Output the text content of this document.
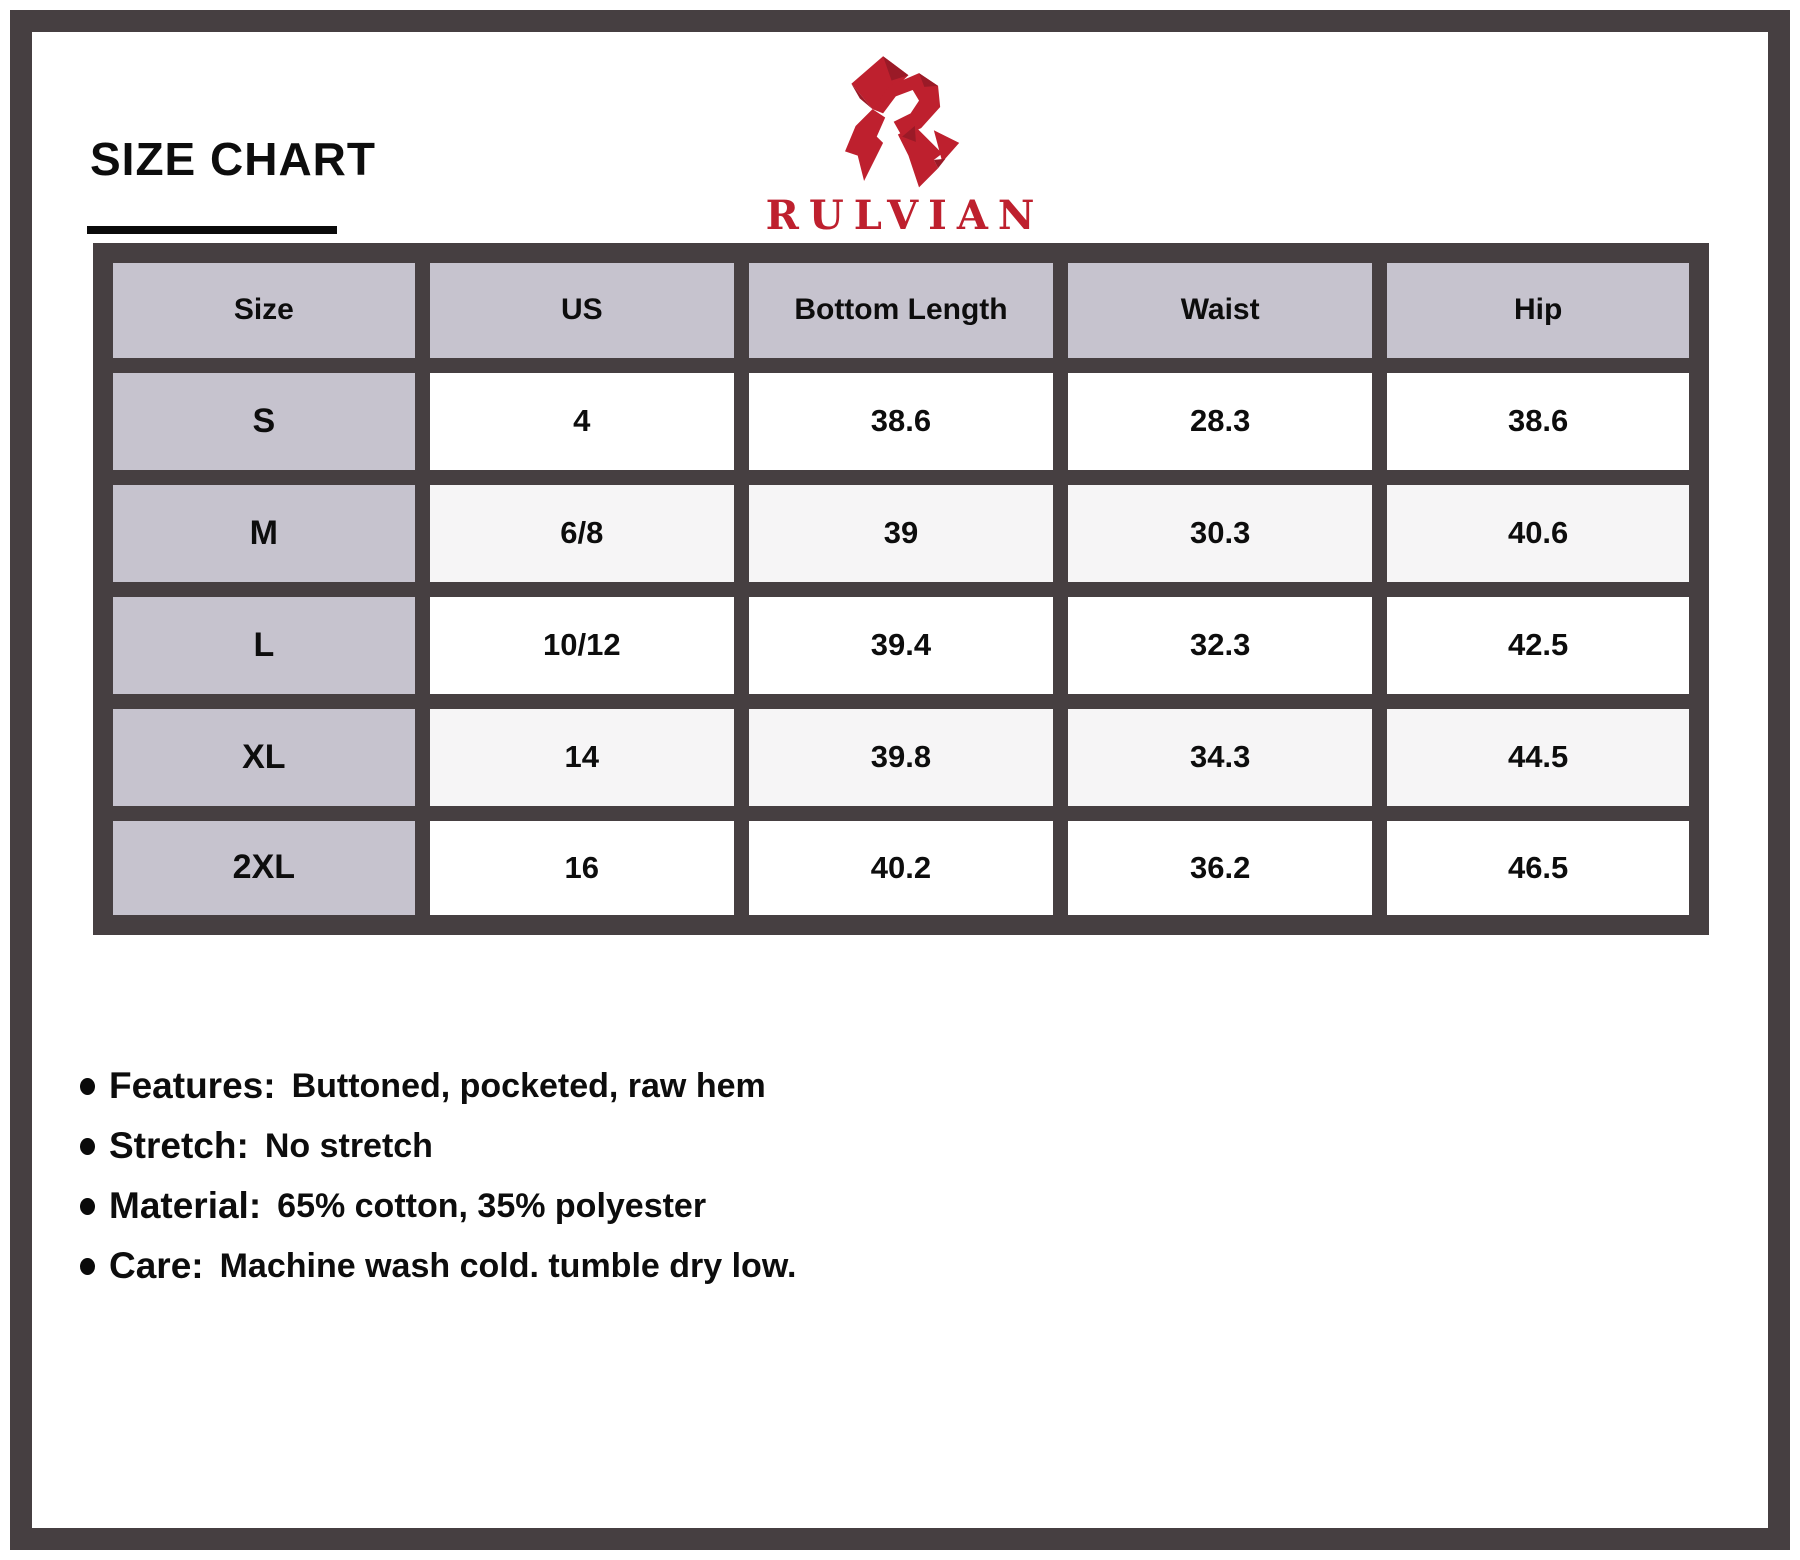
SIZE CHART
RULVIAN
Size	US	Bottom Length	Waist	Hip
S	4	38.6	28.3	38.6
M	6/8	39	30.3	40.6
L	10/12	39.4	32.3	42.5
XL	14	39.8	34.3	44.5
2XL	16	40.2	36.2	46.5
Features: Buttoned, pocketed, raw hem
Stretch: No stretch
Material: 65% cotton, 35% polyester
Care: Machine wash cold. tumble dry low.
